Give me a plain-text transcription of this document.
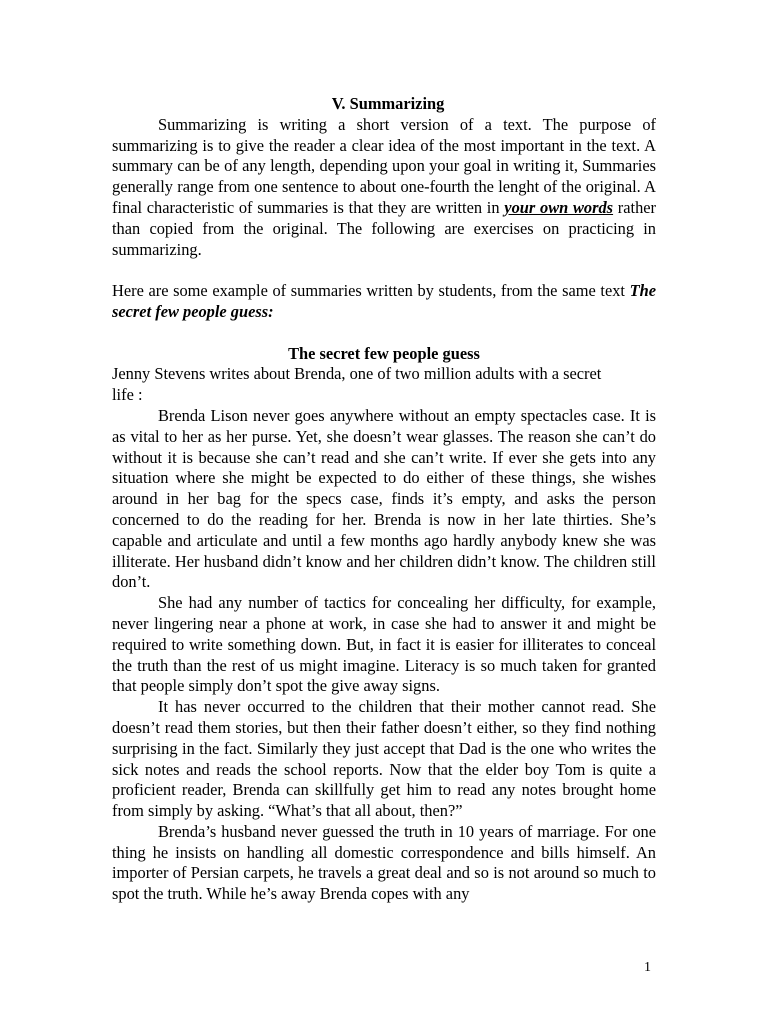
V. Summarizing

Summarizing is writing a short version of a text. The purpose of summarizing is to give the reader a clear idea of the most important in the text. A summary can be of any length, depending upon your goal in writing it, Summaries generally range from one sentence to about one-fourth the lenght of the original. A final characteristic of summaries is that they are written in your own words rather than copied from the original. The following are exercises on practicing in summarizing.

Here are some example of summaries written by students, from the same text The secret few people guess:

The secret few people guess

Jenny Stevens writes about Brenda, one of two million adults with a secret life :

Brenda Lison never goes anywhere without an empty spectacles case. It is as vital to her as her purse. Yet, she doesn’t wear glasses. The reason she can’t do without it is because she can’t read and she can’t write. If ever she gets into any situation where she might be expected to do either of these things, she wishes around in her bag for the specs case, finds it’s empty, and asks the person concerned to do the reading for her. Brenda is now in her late thirties. She’s capable and articulate and until a few months ago hardly anybody knew she was illiterate. Her husband didn’t know and her children didn’t know. The children still don’t.

She had any number of tactics for concealing her difficulty, for example, never lingering near a phone at work, in case she had to answer it and might be required to write something down. But, in fact it is easier for illiterates to conceal the truth than the rest of us might imagine. Literacy is so much taken for granted that people simply don’t spot the give away signs.

It has never occurred to the children that their mother cannot read. She doesn’t read them stories, but then their father doesn’t either, so they find nothing surprising in the fact. Similarly they just accept that Dad is the one who writes the sick notes and reads the school reports. Now that the elder boy Tom is quite a proficient reader, Brenda can skillfully get him to read any notes brought home from simply by asking. “What’s that all about, then?”

Brenda’s husband never guessed the truth in 10 years of marriage. For one thing he insists on handling all domestic correspondence and bills himself. An importer of Persian carpets, he travels a great deal and so is not around so much to spot the truth. While he’s away Brenda copes with any

1
